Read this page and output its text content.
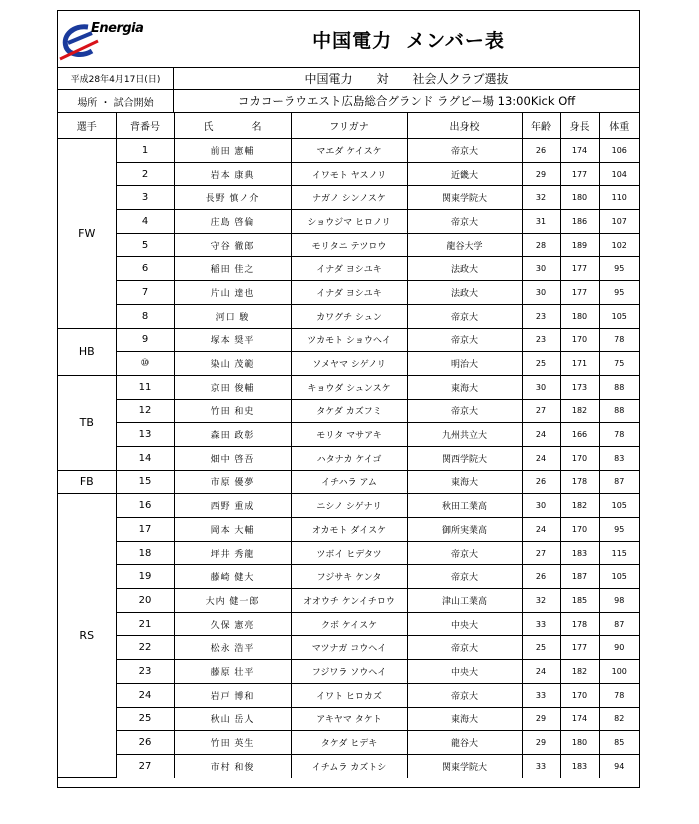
Energia
中国電力 メンバー表
平成28年4月17日(日)	中国電力 対 社会人クラブ選抜
場所 ・ 試合開始	コカコーラウエスト広島総合グランド ラグビー場 13:00Kick Off
選手	背番号	氏 名	フリガナ	出身校	年齢	身長	体重
FW	1	前田 憲輔	マエダ ケイスケ	帝京大	26	174	106
	2	岩本 康典	イワモト ヤスノリ	近畿大	29	177	104
	3	長野 慎ノ介	ナガノ シンノスケ	関東学院大	32	180	110
	4	庄島 啓倫	ショウジマ ヒロノリ	帝京大	31	186	107
	5	守谷 徹郎	モリタニ テツロウ	龍谷大学	28	189	102
	6	稲田 佳之	イナダ ヨシユキ	法政大	30	177	95
	7	片山 達也	イナダ ヨシユキ	法政大	30	177	95
	8	河口 駿	カワグチ シュン	帝京大	23	180	105
HB	9	塚本 奨平	ツカモト ショウヘイ	帝京大	23	170	78
	⑩	染山 茂範	ソメヤマ シゲノリ	明治大	25	171	75
TB	11	京田 俊輔	キョウダ シュンスケ	東海大	30	173	88
	12	竹田 和史	タケダ カズフミ	帝京大	27	182	88
	13	森田 政彰	モリタ マサアキ	九州共立大	24	166	78
	14	畑中 啓吾	ハタナカ ケイゴ	関西学院大	24	170	83
FB	15	市原 優夢	イチハラ アム	東海大	26	178	87
RS	16	西野 重成	ニシノ シゲナリ	秋田工業高	30	182	105
	17	岡本 大輔	オカモト ダイスケ	御所実業高	24	170	95
	18	坪井 秀龍	ツボイ ヒデタツ	帝京大	27	183	115
	19	藤崎 健大	フジサキ ケンタ	帝京大	26	187	105
	20	大内 健一郎	オオウチ ケンイチロウ	津山工業高	32	185	98
	21	久保 憲亮	クボ ケイスケ	中央大	33	178	87
	22	松永 浩平	マツナガ コウヘイ	帝京大	25	177	90
	23	藤原 壮平	フジワラ ソウヘイ	中央大	24	182	100
	24	岩戸 博和	イワト ヒロカズ	帝京大	33	170	78
	25	秋山 岳人	アキヤマ タケト	東海大	29	174	82
	26	竹田 英生	タケダ ヒデキ	龍谷大	29	180	85
	27	市村 和俊	イチムラ カズトシ	関東学院大	33	183	94
